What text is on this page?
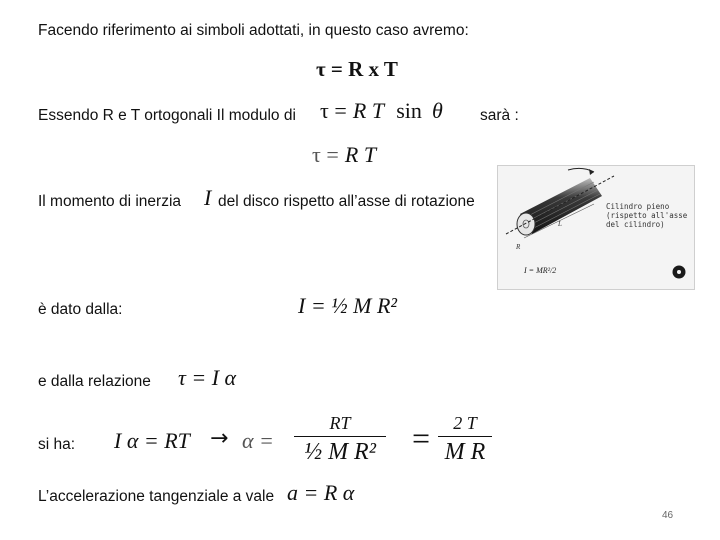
Facendo riferimento ai simboli adottati, in questo caso avremo:
τ = R x T
Essendo R e T ortogonali Il modulo di τ = R T sin θ sarà :
τ = R T
Il momento di inerzia I del disco rispetto all’asse di rotazione
L
R
Cilindro pieno (rispetto all'asse del cilindro)
I = MR²/2
è dato dalla:	I = ½ M R²
e dalla relazione τ = I α
si ha: I α = RT → α =
RT
½ M R²	=	2 T
M R
L’accelerazione tangenziale a vale a = R α
46
